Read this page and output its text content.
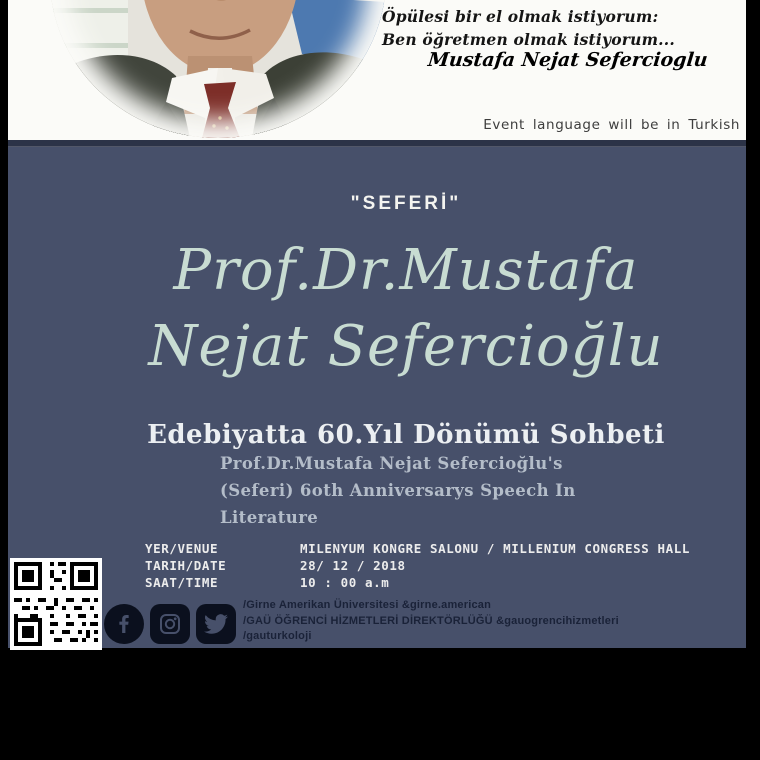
Öpülesi bir el olmak istiyorum:
Ben öğretmen olmak istiyorum...
Mustafa Nejat Sefercioglu
Event language will be in Turkish
"SEFERİ"
Prof.Dr.Mustafa
Nejat Sefercioğlu
Edebiyatta 60.Yıl Dönümü Sohbeti
Prof.Dr.Mustafa Nejat Sefercioğlu's
(Seferi) 6oth Anniversarys Speech In
Literature
YER/VENUE	MILENYUM KONGRE SALONU / MILLENIUM CONGRESS HALL
TARIH/DATE	28/ 12 / 2018
SAAT/TIME	10 : 00 a.m
/Girne Amerikan Üniversitesi &girne.american
/GAÜ ÖĞRENCİ HİZMETLERİ DİREKTÖRLÜĞÜ &gauogrencihizmetleri
/gauturkoloji
